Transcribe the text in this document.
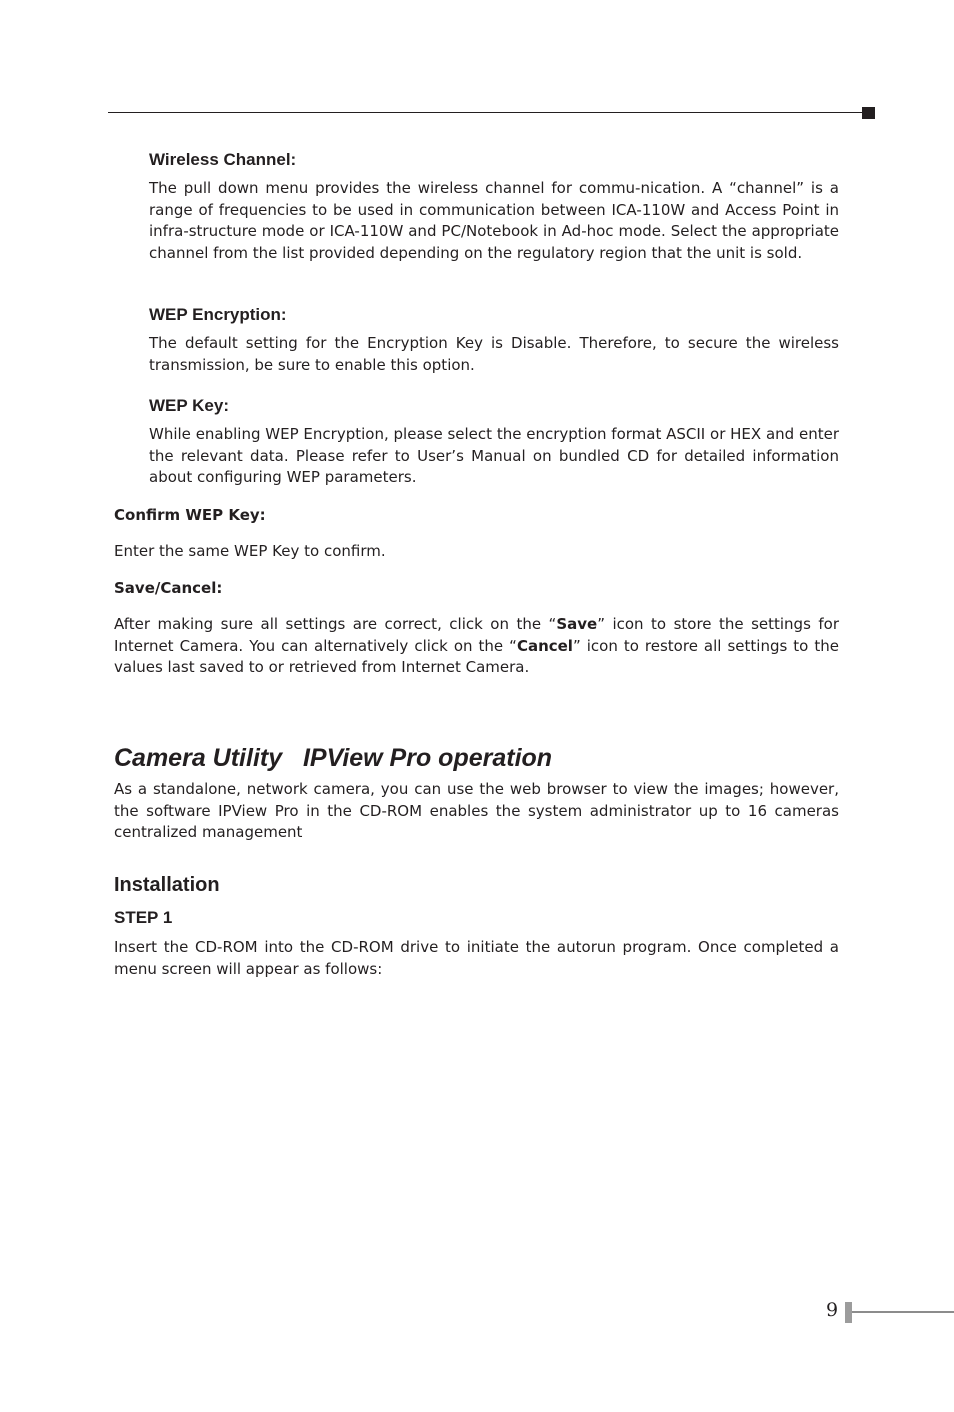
Wireless Channel:

The pull down menu provides the wireless channel for commu-nication. A “channel” is a range of frequencies to be used in communication between ICA-110W and Access Point in infra-structure mode or ICA-110W and PC/Notebook in Ad-hoc mode. Select the appropriate channel from the list provided depending on the regulatory region that the unit is sold.

WEP Encryption:

The default setting for the Encryption Key is Disable. Therefore, to secure the wireless transmission, be sure to enable this option.

WEP Key:

While enabling WEP Encryption, please select the encryption format ASCII or HEX and enter the relevant data. Please refer to User’s Manual on bundled CD for detailed information about configuring WEP parameters.

Confirm WEP Key:

Enter the same WEP Key to confirm.

Save/Cancel:

After making sure all settings are correct, click on the “Save” icon to store the settings for Internet Camera. You can alternatively click on the “Cancel” icon to restore all settings to the values last saved to or retrieved from Internet Camera.

Camera Utility   IPView Pro operation

As a standalone, network camera, you can use the web browser to view the images; however, the software IPView Pro in the CD-ROM enables the system administrator up to 16 cameras centralized management

Installation
STEP 1

Insert the CD-ROM into the CD-ROM drive to initiate the autorun program. Once completed a menu screen will appear as follows:

9
